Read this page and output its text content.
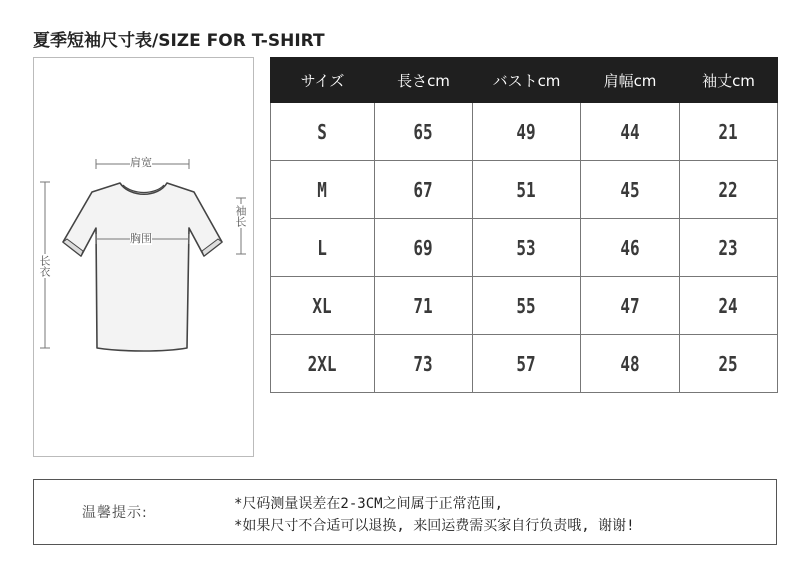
夏季短袖尺寸表/SIZE FOR T-SHIRT
肩宽
胸围
袖长
长衣
サイズ	長さcm	バストcm	肩幅cm	袖丈cm
S	65	49	44	21
M	67	51	45	22
L	69	53	46	23
XL	71	55	47	24
2XL	73	57	48	25
温馨提示:
*尺码测量误差在2-3CM之间属于正常范围,
*如果尺寸不合适可以退换, 来回运费需买家自行负责哦, 谢谢!
